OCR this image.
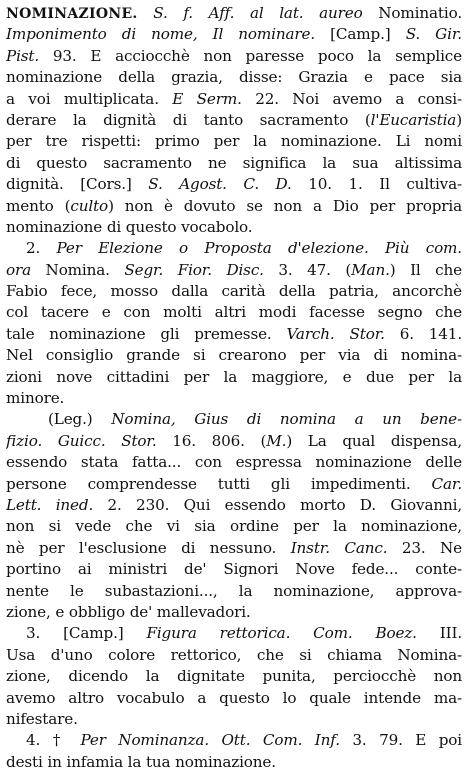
NOMINAZIONE. S. f. Aff. al lat. aureo Nominatio.
Imponimento di nome, Il nominare. [Camp.] S. Gir.
Pist. 93. E acciocchè non paresse poco la semplice
nominazione della grazia, disse: Grazia e pace sia
a voi multiplicata. E Serm. 22. Noi avemo a consi-
derare la dignità di tanto sacramento (l'Eucaristia)
per tre rispetti: primo per la nominazione. Li nomi
di questo sacramento ne significa la sua altissima
dignità. [Cors.] S. Agost. C. D. 10. 1. Il cultiva-
mento (culto) non è dovuto se non a Dio per propria
nominazione di questo vocabolo.
2. Per Elezione o Proposta d'elezione. Più com.
ora Nomina. Segr. Fior. Disc. 3. 47. (Man.) Il che
Fabio fece, mosso dalla carità della patria, ancorchè
col tacere e con molti altri modi facesse segno che
tale nominazione gli premesse. Varch. Stor. 6. 141.
Nel consiglio grande si crearono per via di nomina-
zioni nove cittadini per la maggiore, e due per la
minore.
(Leg.) Nomina, Gius di nomina a un bene-
fizio. Guicc. Stor. 16. 806. (M.) La qual dispensa,
essendo stata fatta... con espressa nominazione delle
persone comprendesse tutti gli impedimenti. Car.
Lett. ined. 2. 230. Qui essendo morto D. Giovanni,
non si vede che vi sia ordine per la nominazione,
nè per l'esclusione di nessuno. Instr. Canc. 23. Ne
portino ai ministri de' Signori Nove fede... conte-
nente le subastazioni..., la nominazione, approva-
zione, e obbligo de' mallevadori.
3. [Camp.] Figura rettorica. Com. Boez. III.
Usa d'uno colore rettorico, che si chiama Nomina-
zione, dicendo la dignitate punita, perciocchè non
avemo altro vocabulo a questo lo quale intende ma-
nifestare.
4. † Per Nominanza. Ott. Com. Inf. 3. 79. E poi
desti in infamia la tua nominazione.
